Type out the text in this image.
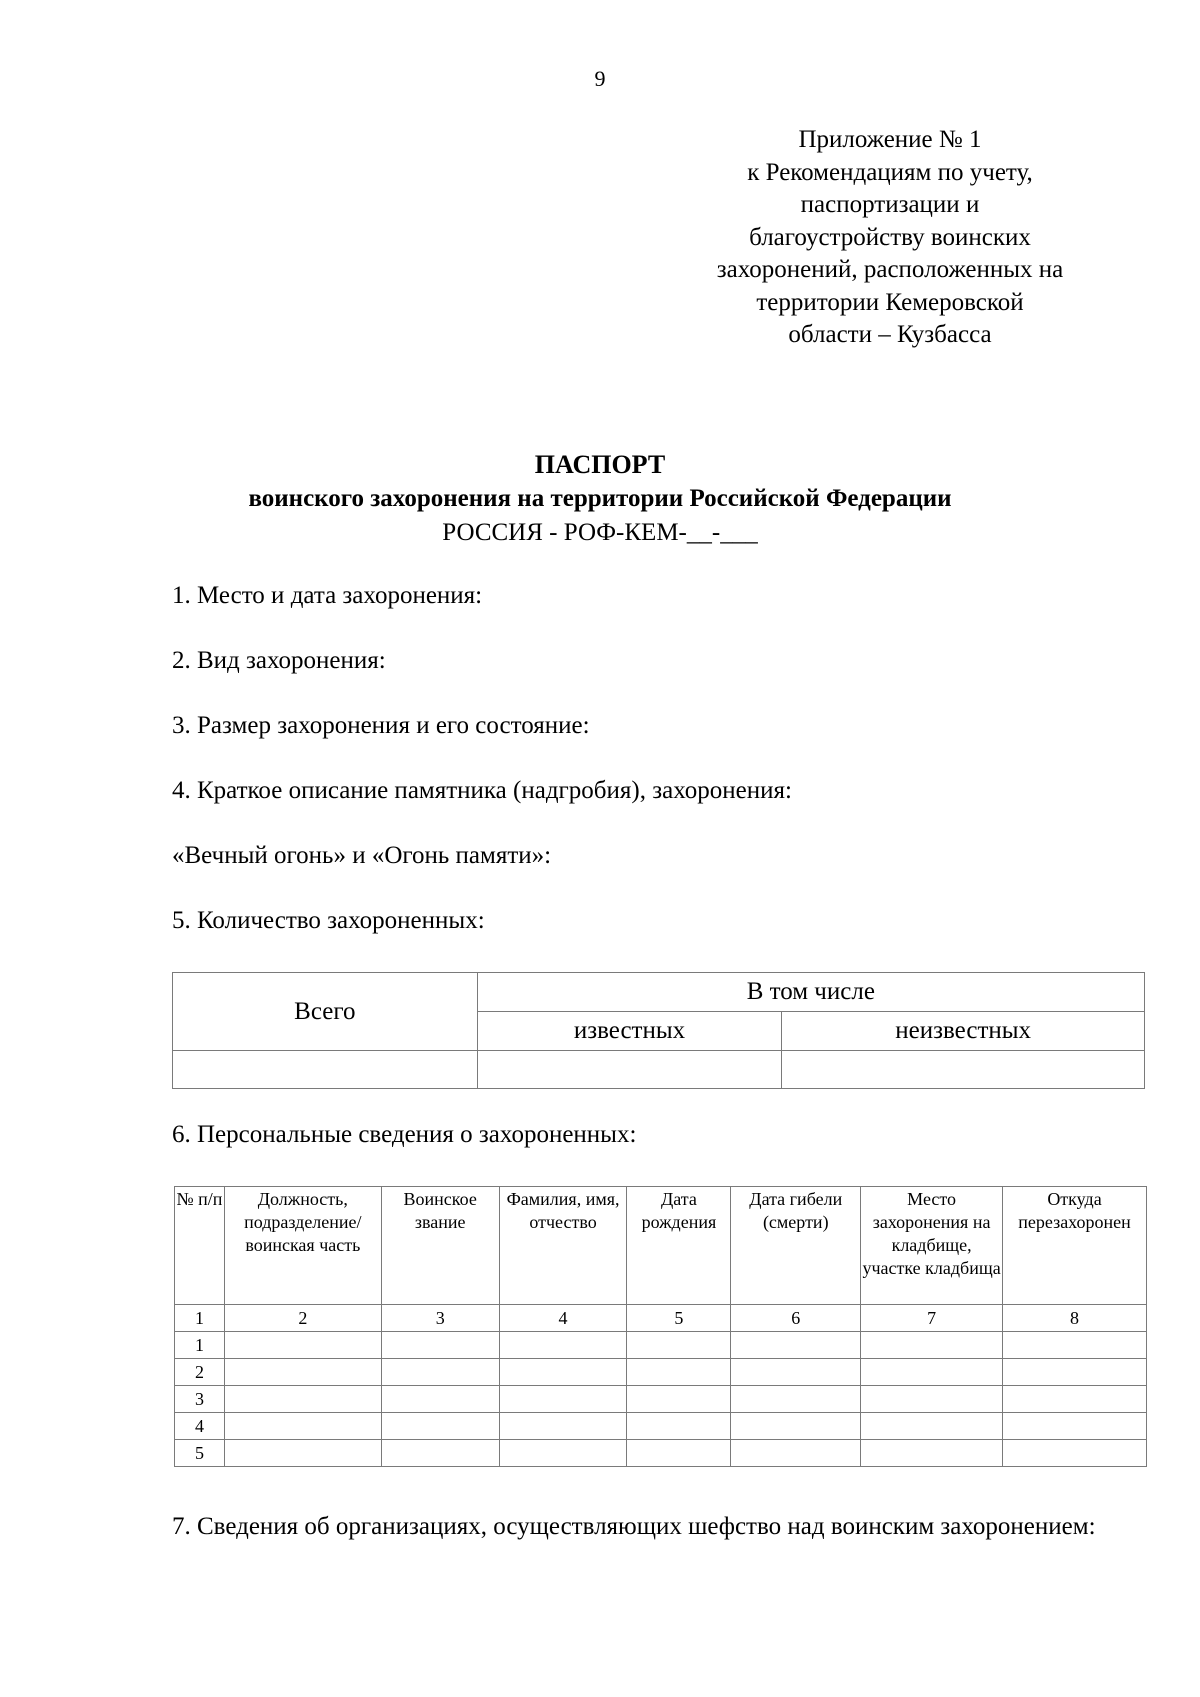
9
Приложение № 1
к Рекомендациям по учету,
паспортизации и
благоустройству воинских
захоронений, расположенных на
территории Кемеровской
области – Кузбасса
ПАСПОРТ
воинского захоронения на территории Российской Федерации
РОССИЯ - РОФ-КЕМ-__-___
1. Место и дата захоронения:
2. Вид захоронения:
3. Размер захоронения и его состояние:
4. Краткое описание памятника (надгробия), захоронения:
«Вечный огонь» и «Огонь памяти»:
5. Количество захороненных:
Всего	В том числе	
	известных	неизвестных

6. Персональные сведения о захороненных:
№ п/п	Должность, подразделение/ воинская часть	Воинское звание	Фамилия, имя, отчество	Дата рождения	Дата гибели (смерти)	Место захоронения на кладбище, участке кладбища	Откуда перезахоронен
1	2	3	4	5	6	7	8
1							
2							
3							
4							
5							
7. Сведения об организациях, осуществляющих шефство над воинским захоронением:
